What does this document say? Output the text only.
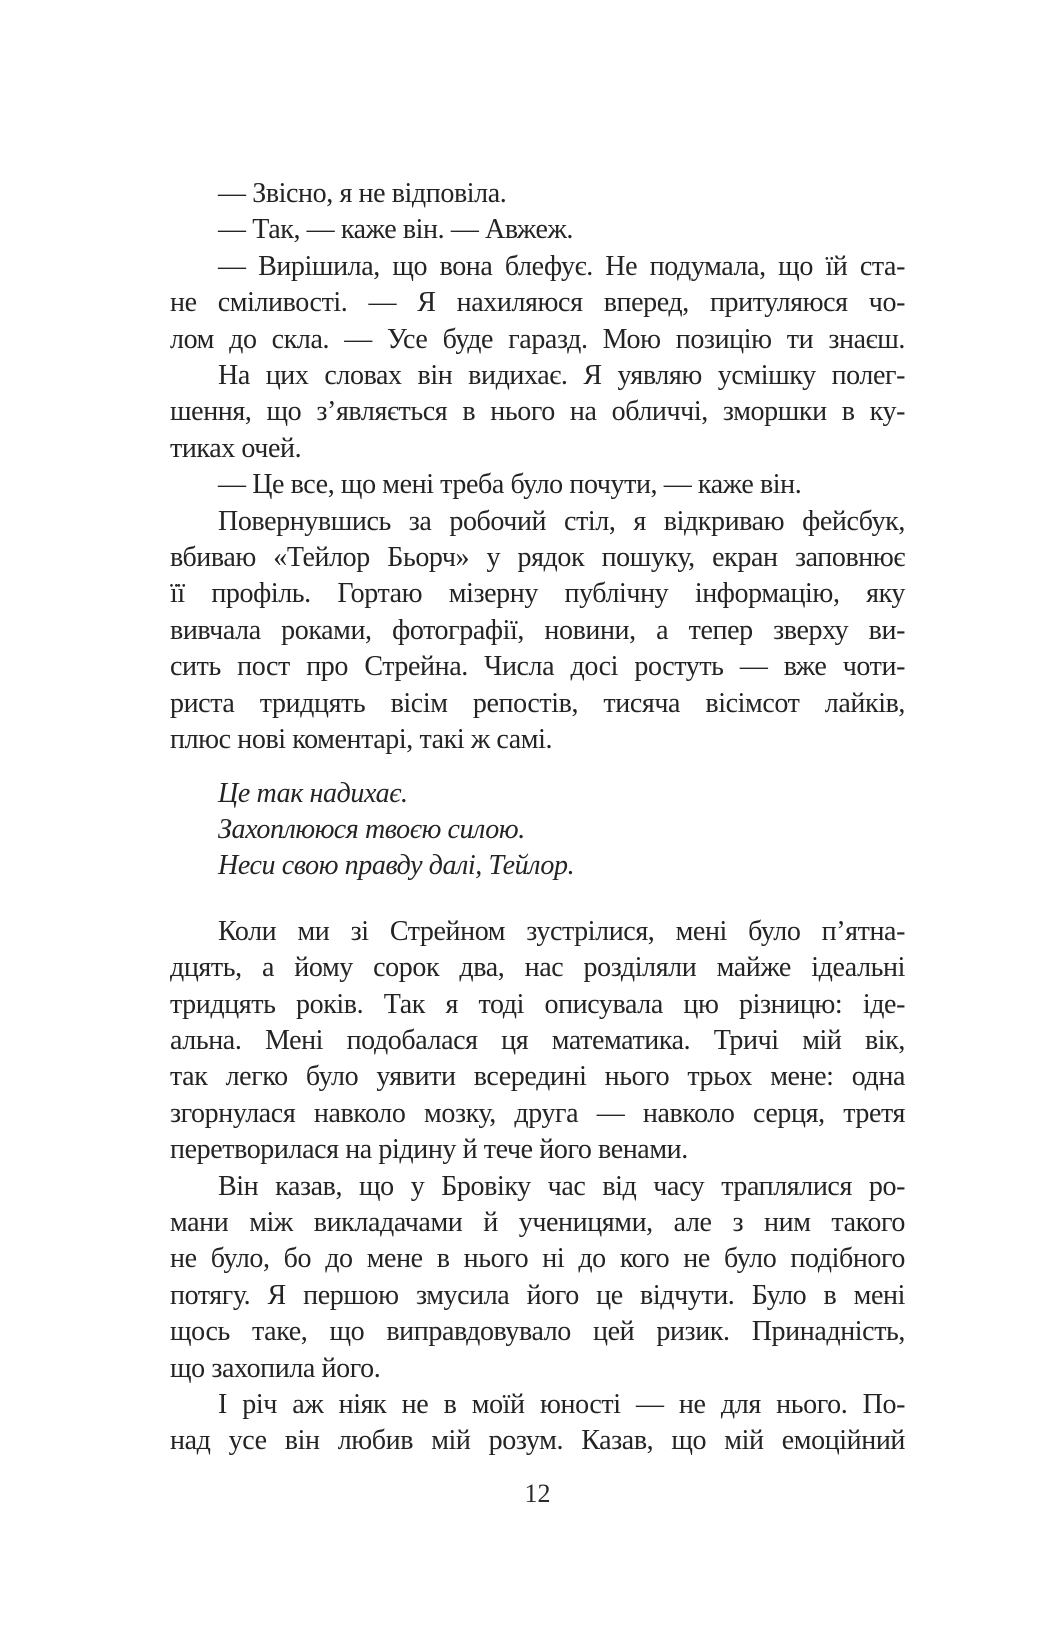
— Звісно, я не відповіла.
— Так, — каже він. — Авжеж.
— Вирішила, що вона блефує. Не подумала, що їй ста-
не сміливості. — Я нахиляюся вперед, притуляюся чо-
лом до скла. — Усе буде гаразд. Мою позицію ти знаєш.
На цих словах він видихає. Я уявляю усмішку полег-
шення, що з’являється в нього на обличчі, зморшки в ку-
тиках очей.
— Це все, що мені треба було почути, — каже він.
Повернувшись за робочий стіл, я відкриваю фейсбук,
вбиваю «Тейлор Бьорч» у рядок пошуку, екран заповнює
її профіль. Гортаю мізерну публічну інформацію, яку
вивчала роками, фотографії, новини, а тепер зверху ви-
сить пост про Стрейна. Числа досі ростуть — вже чоти-
риста тридцять вісім репостів, тисяча вісімсот лайків,
плюс нові коментарі, такі ж самі.
Це так надихає.
Захоплююся твоєю силою.
Неси свою правду далі, Тейлор.
Коли ми зі Стрейном зустрілися, мені було п’ятна-
дцять, а йому сорок два, нас розділяли майже ідеальні
тридцять років. Так я тоді описувала цю різницю: іде-
альна. Мені подобалася ця математика. Тричі мій вік,
так легко було уявити всередині нього трьох мене: одна
згорнулася навколо мозку, друга — навколо серця, третя
перетворилася на рідину й тече його венами.
Він казав, що у Бровіку час від часу траплялися ро-
мани між викладачами й ученицями, але з ним такого
не було, бо до мене в нього ні до кого не було подібного
потягу. Я першою змусила його це відчути. Було в мені
щось таке, що виправдовувало цей ризик. Принадність,
що захопила його.
І річ аж ніяк не в моїй юності — не для нього. По-
над усе він любив мій розум. Казав, що мій емоційний
12
